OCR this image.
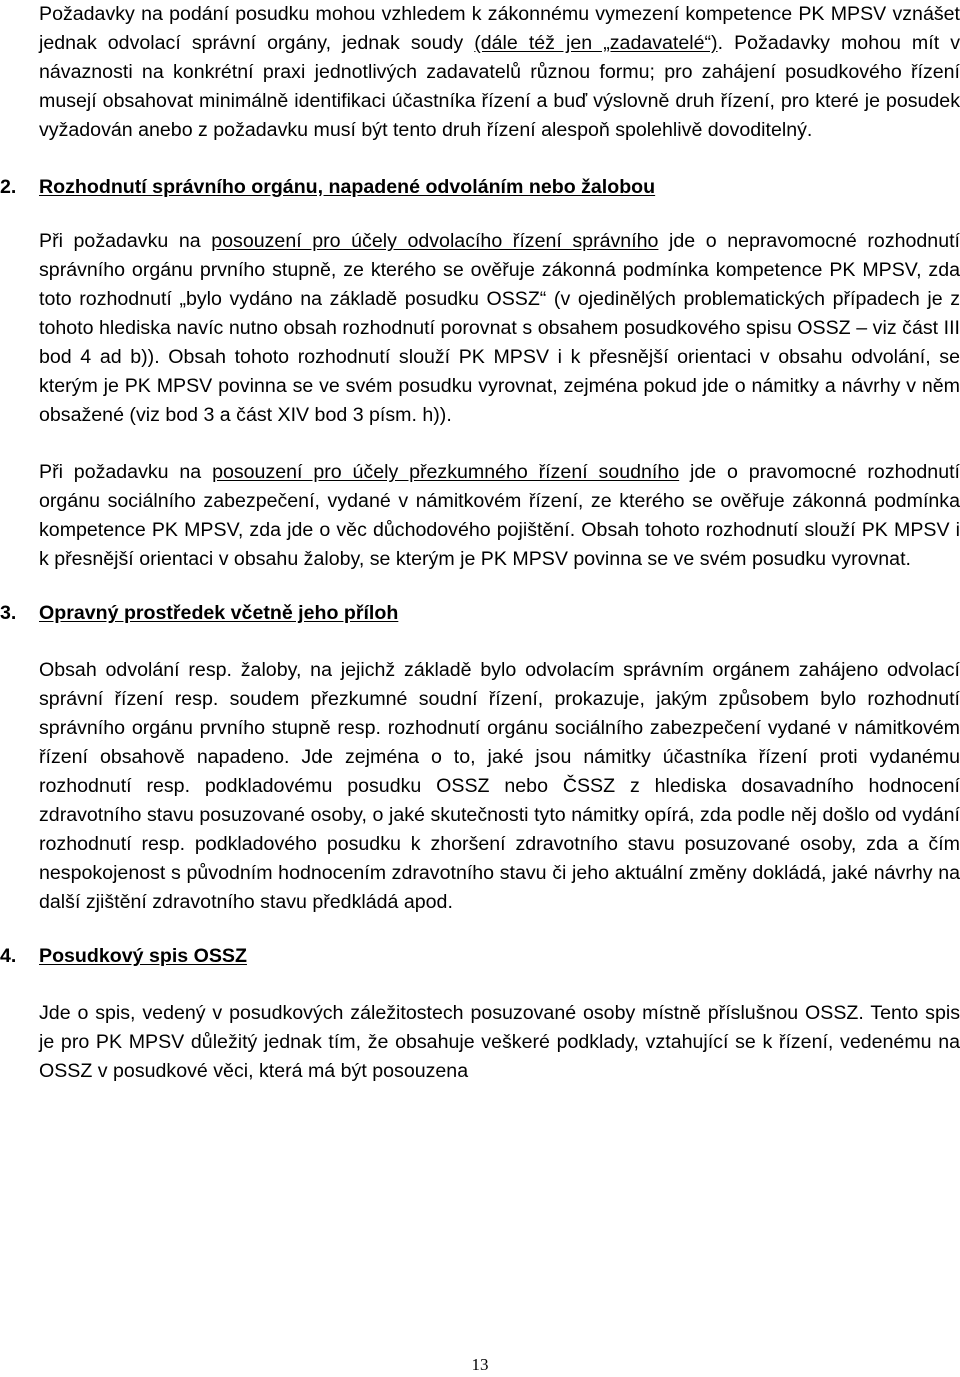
Požadavky na podání posudku mohou vzhledem k zákonnému vymezení kompetence PK MPSV vznášet jednak odvolací správní orgány, jednak soudy (dále též jen „zadavatelé“). Požadavky mohou mít v návaznosti na konkrétní praxi jednotlivých zadavatelů různou formu; pro zahájení posudkového řízení musejí obsahovat minimálně identifikaci účastníka řízení a buď výslovně druh řízení, pro které je posudek vyžadován anebo z požadavku musí být tento druh řízení alespoň spolehlivě dovoditelný.

2. Rozhodnutí správního orgánu, napadené odvoláním nebo žalobou

Při požadavku na posouzení pro účely odvolacího řízení správního jde o nepravomocné rozhodnutí správního orgánu prvního stupně, ze kterého se ověřuje zákonná podmínka kompetence PK MPSV, zda toto rozhodnutí „bylo vydáno na základě posudku OSSZ“ (v ojedinělých problematických případech je z tohoto hlediska navíc nutno obsah rozhodnutí porovnat s obsahem posudkového spisu OSSZ – viz část III bod 4 ad b)). Obsah tohoto rozhodnutí slouží PK MPSV i k přesnější orientaci v obsahu odvolání, se kterým je PK MPSV povinna se ve svém posudku vyrovnat, zejména pokud jde o námitky a návrhy v něm obsažené (viz bod 3 a část XIV bod 3 písm. h)).

Při požadavku na posouzení pro účely přezkumného řízení soudního jde o pravomocné rozhodnutí orgánu sociálního zabezpečení, vydané v námitkovém řízení, ze kterého se ověřuje zákonná podmínka kompetence PK MPSV, zda jde o věc důchodového pojištění. Obsah tohoto rozhodnutí slouží PK MPSV i k přesnější orientaci v obsahu žaloby, se kterým je PK MPSV povinna se ve svém posudku vyrovnat.

3. Opravný prostředek včetně jeho příloh

Obsah odvolání resp. žaloby, na jejichž základě bylo odvolacím správním orgánem zahájeno odvolací správní řízení resp. soudem přezkumné soudní řízení, prokazuje, jakým způsobem bylo rozhodnutí správního orgánu prvního stupně resp. rozhodnutí orgánu sociálního zabezpečení vydané v námitkovém řízení obsahově napadeno. Jde zejména o to, jaké jsou námitky účastníka řízení proti vydanému rozhodnutí resp. podkladovému posudku OSSZ nebo ČSSZ z hlediska dosavadního hodnocení zdravotního stavu posuzované osoby, o jaké skutečnosti tyto námitky opírá, zda podle něj došlo od vydání rozhodnutí resp. podkladového posudku k zhoršení zdravotního stavu posuzované osoby, zda a čím nespokojenost s původním hodnocením zdravotního stavu či jeho aktuální změny dokládá, jaké návrhy na další zjištění zdravotního stavu předkládá apod.

4. Posudkový spis OSSZ

Jde o spis, vedený v posudkových záležitostech posuzované osoby místně příslušnou OSSZ. Tento spis je pro PK MPSV důležitý jednak tím, že obsahuje veškeré podklady, vztahující se k řízení, vedenému na OSSZ v posudkové věci, která má být posouzena

13
